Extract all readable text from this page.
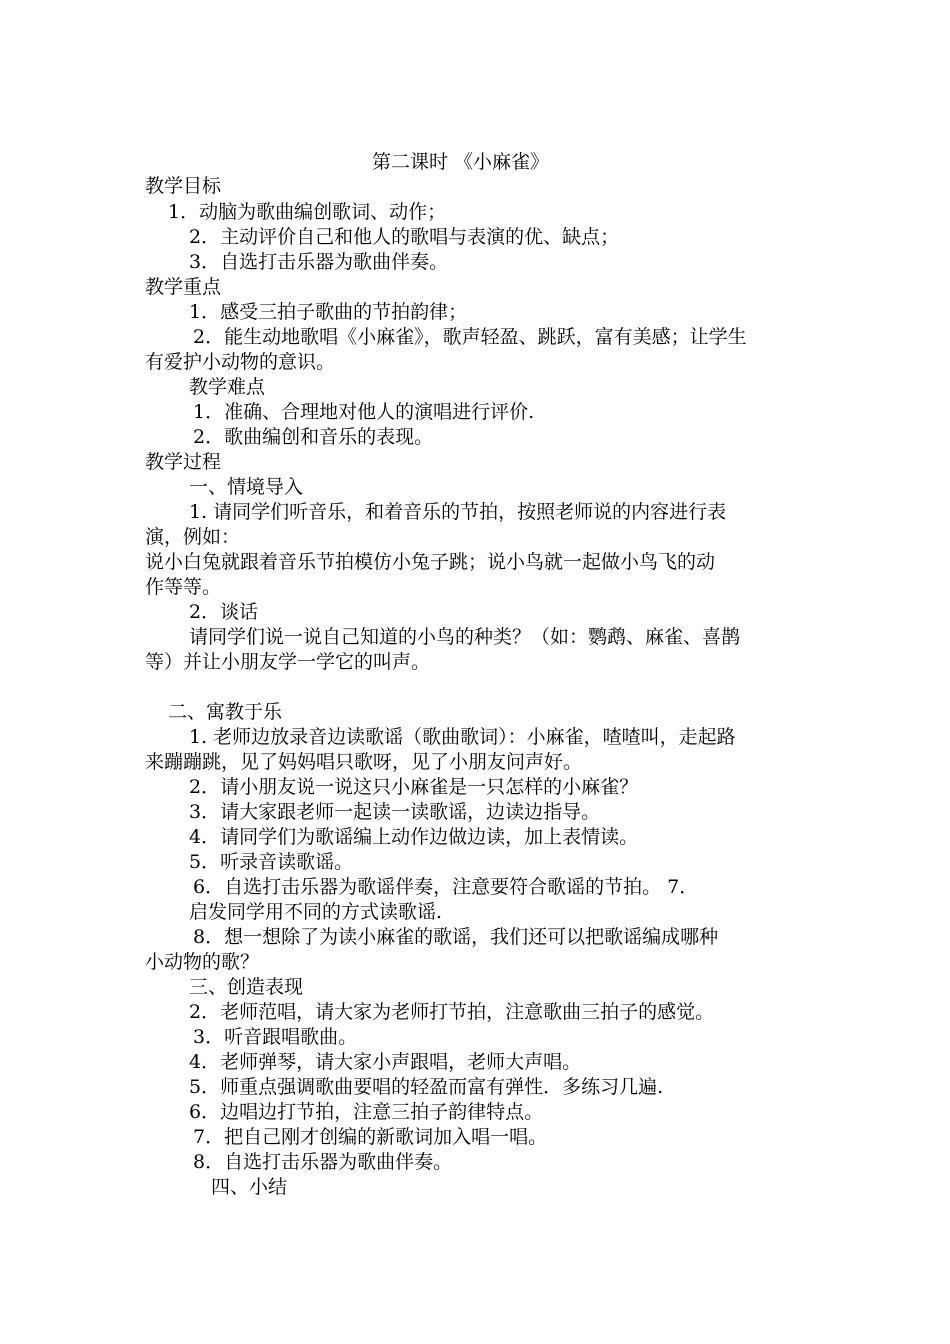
第二课时 《小麻雀》
教学目标
1．动脑为歌曲编创歌词、动作；
2．主动评价自己和他人的歌唱与表演的优、缺点；
3．自选打击乐器为歌曲伴奏。
教学重点
1．感受三拍子歌曲的节拍韵律；
2．能生动地歌唱《小麻雀》，歌声轻盈、跳跃，富有美感；让学生
有爱护小动物的意识。
教学难点
1．准确、合理地对他人的演唱进行评价.
2．歌曲编创和音乐的表现。
教学过程
一、情境导入
1. 请同学们听音乐，和着音乐的节拍，按照老师说的内容进行表
演，例如：
说小白兔就跟着音乐节拍模仿小兔子跳；说小鸟就一起做小鸟飞的动
作等等。
2．谈话
请同学们说一说自己知道的小鸟的种类？（如：鹦鹉、麻雀、喜鹊
等）并让小朋友学一学它的叫声。
二、寓教于乐
1. 老师边放录音边读歌谣（歌曲歌词）：小麻雀，喳喳叫，走起路
来蹦蹦跳，见了妈妈唱只歌呀，见了小朋友问声好。
2．请小朋友说一说这只小麻雀是一只怎样的小麻雀？
3．请大家跟老师一起读一读歌谣，边读边指导。
4．请同学们为歌谣编上动作边做边读，加上表情读。
5．听录音读歌谣。
6．自选打击乐器为歌谣伴奏，注意要符合歌谣的节拍。 7．
启发同学用不同的方式读歌谣.
8．想一想除了为读小麻雀的歌谣，我们还可以把歌谣编成哪种
小动物的歌？
三、创造表现
2．老师范唱，请大家为老师打节拍，注意歌曲三拍子的感觉。
3．听音跟唱歌曲。
4．老师弹琴，请大家小声跟唱，老师大声唱。
5．师重点强调歌曲要唱的轻盈而富有弹性．多练习几遍.
6．边唱边打节拍，注意三拍子韵律特点。
7．把自己刚才创编的新歌词加入唱一唱。
8．自选打击乐器为歌曲伴奏。
四、小结
